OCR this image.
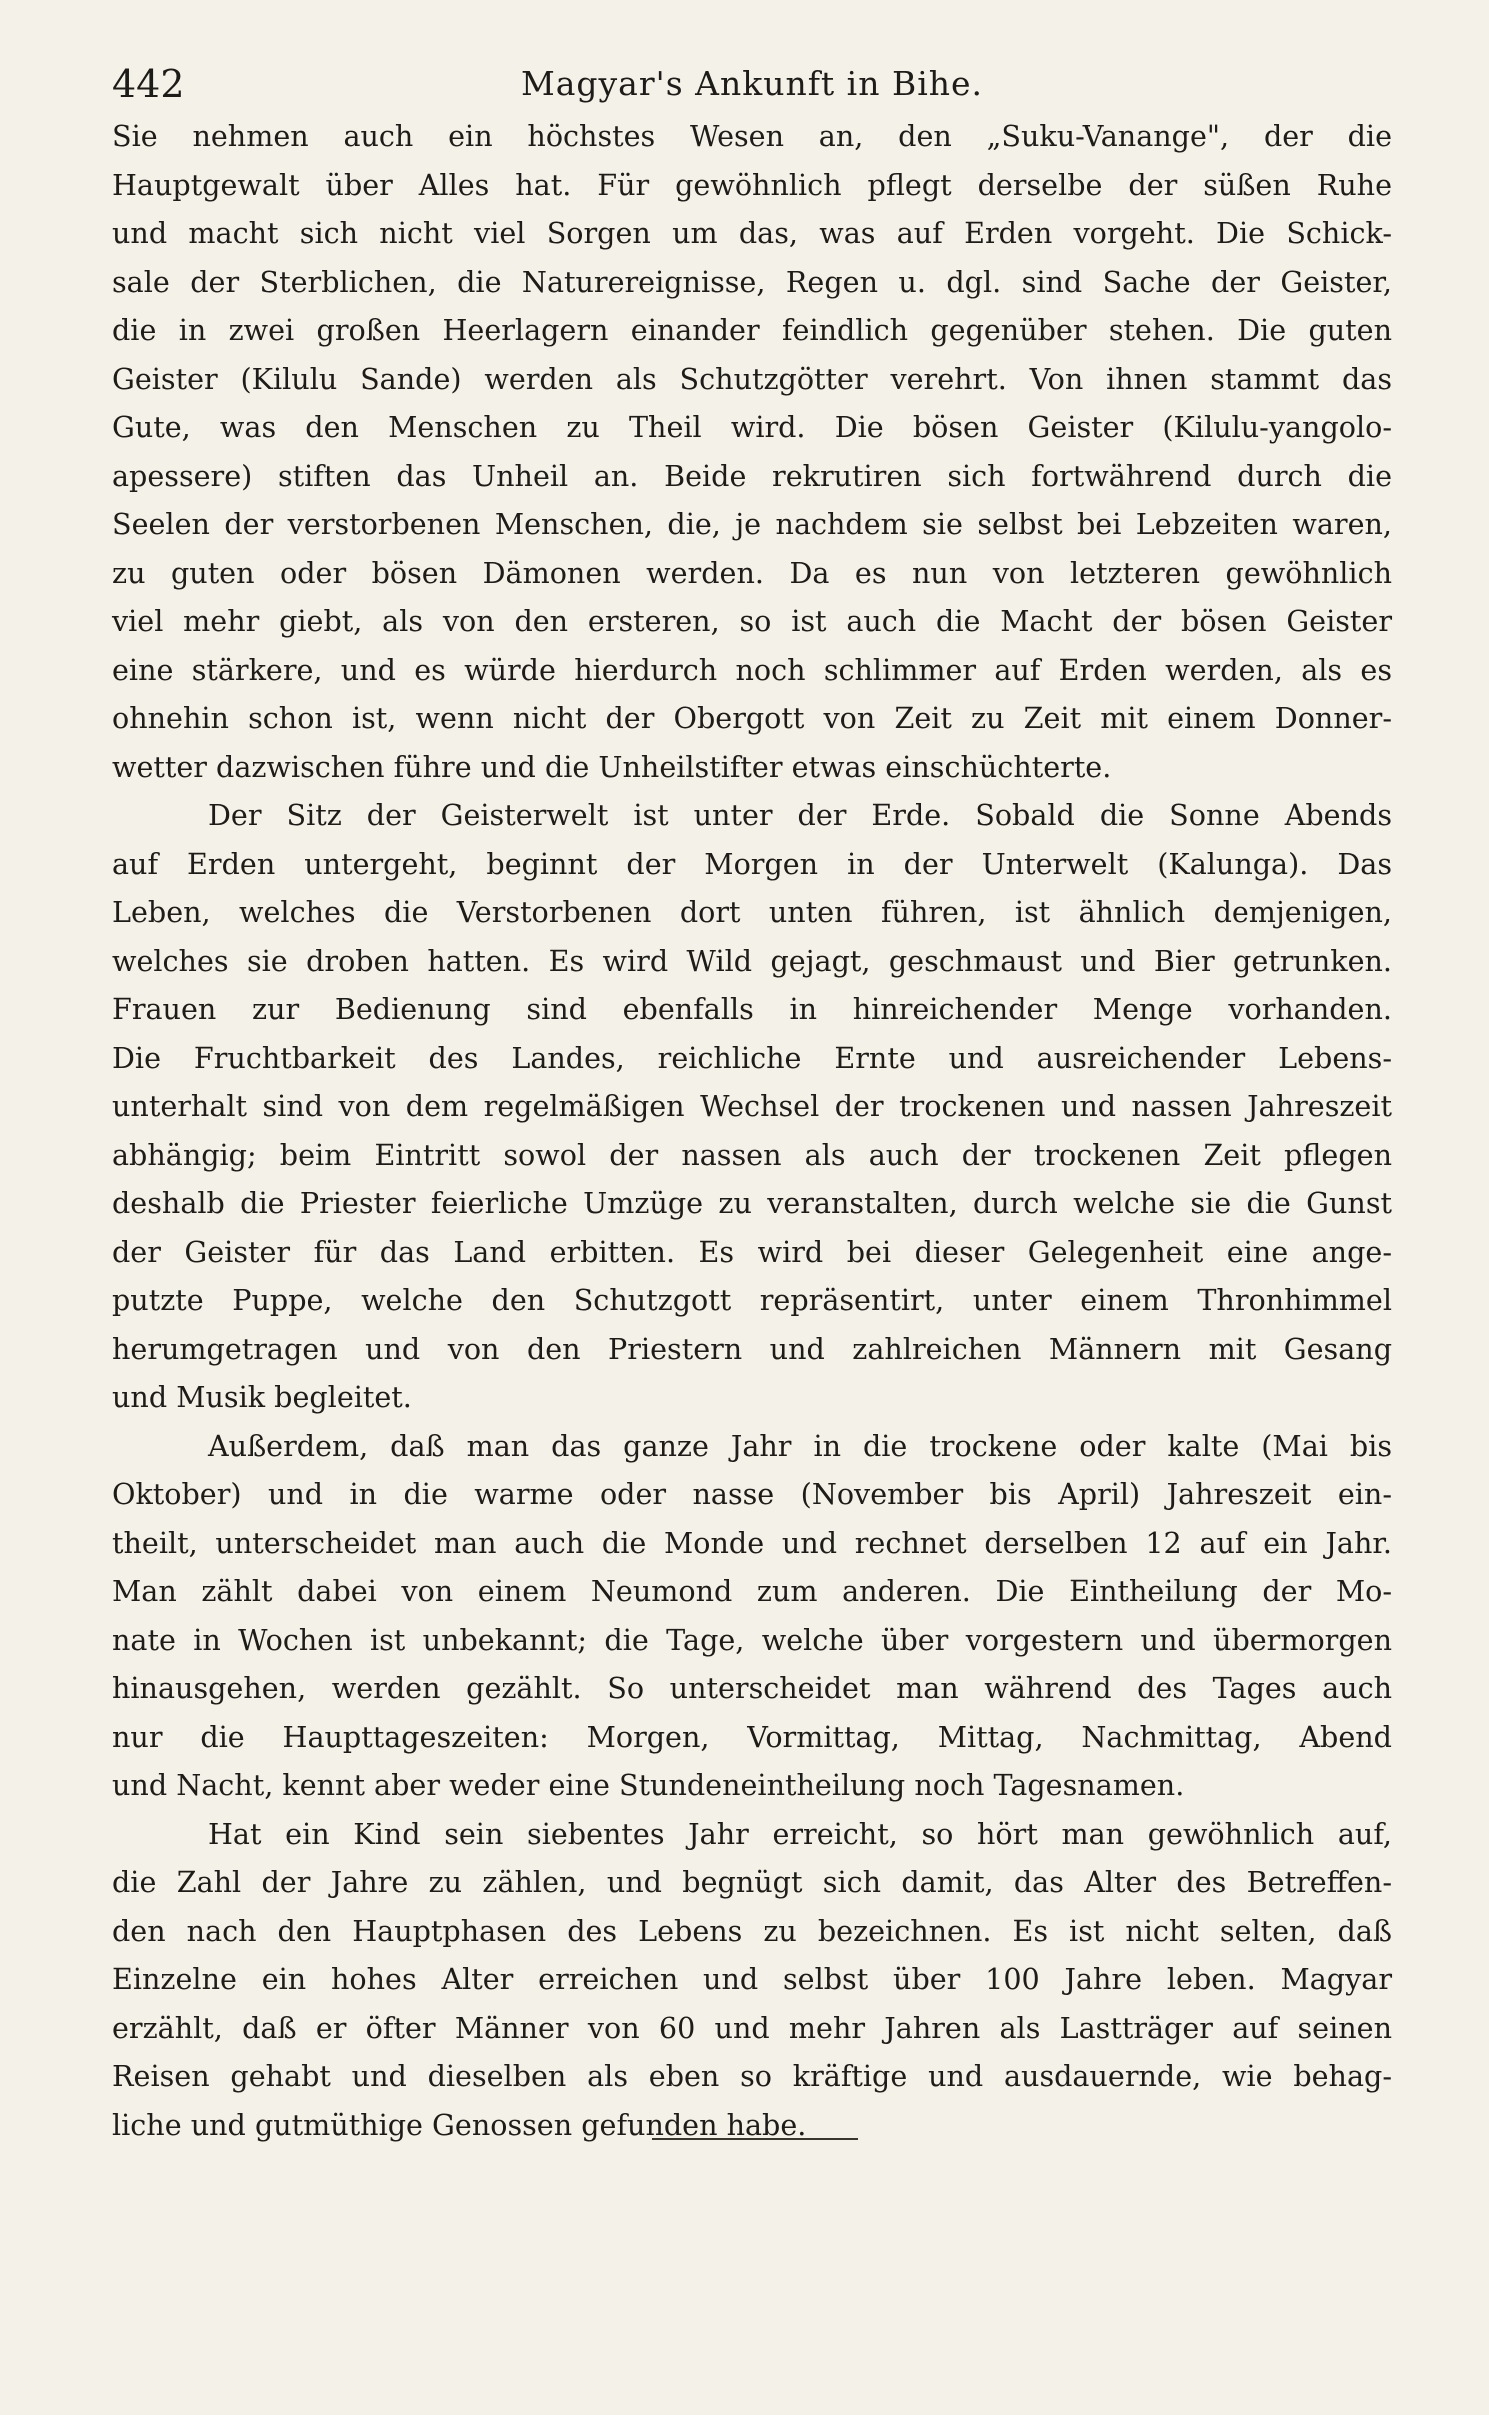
442	Magyar's Ankunft in Bihe.
Sie nehmen auch ein höchstes Wesen an, den „Suku-Vanange", der die
Hauptgewalt über Alles hat. Für gewöhnlich pflegt derselbe der süßen Ruhe
und macht sich nicht viel Sorgen um das, was auf Erden vorgeht. Die Schick-
sale der Sterblichen, die Naturereignisse, Regen u. dgl. sind Sache der Geister,
die in zwei großen Heerlagern einander feindlich gegenüber stehen. Die guten
Geister (Kilulu Sande) werden als Schutzgötter verehrt. Von ihnen stammt das
Gute, was den Menschen zu Theil wird. Die bösen Geister (Kilulu-yangolo-
apessere) stiften das Unheil an. Beide rekrutiren sich fortwährend durch die
Seelen der verstorbenen Menschen, die, je nachdem sie selbst bei Lebzeiten waren,
zu guten oder bösen Dämonen werden. Da es nun von letzteren gewöhnlich
viel mehr giebt, als von den ersteren, so ist auch die Macht der bösen Geister
eine stärkere, und es würde hierdurch noch schlimmer auf Erden werden, als es
ohnehin schon ist, wenn nicht der Obergott von Zeit zu Zeit mit einem Donner-
wetter dazwischen führe und die Unheilstifter etwas einschüchterte.
Der Sitz der Geisterwelt ist unter der Erde. Sobald die Sonne Abends
auf Erden untergeht, beginnt der Morgen in der Unterwelt (Kalunga). Das
Leben, welches die Verstorbenen dort unten führen, ist ähnlich demjenigen,
welches sie droben hatten. Es wird Wild gejagt, geschmaust und Bier getrunken.
Frauen zur Bedienung sind ebenfalls in hinreichender Menge vorhanden.
Die Fruchtbarkeit des Landes, reichliche Ernte und ausreichender Lebens-
unterhalt sind von dem regelmäßigen Wechsel der trockenen und nassen Jahreszeit
abhängig; beim Eintritt sowol der nassen als auch der trockenen Zeit pflegen
deshalb die Priester feierliche Umzüge zu veranstalten, durch welche sie die Gunst
der Geister für das Land erbitten. Es wird bei dieser Gelegenheit eine ange-
putzte Puppe, welche den Schutzgott repräsentirt, unter einem Thronhimmel
herumgetragen und von den Priestern und zahlreichen Männern mit Gesang
und Musik begleitet.
Außerdem, daß man das ganze Jahr in die trockene oder kalte (Mai bis
Oktober) und in die warme oder nasse (November bis April) Jahreszeit ein-
theilt, unterscheidet man auch die Monde und rechnet derselben 12 auf ein Jahr.
Man zählt dabei von einem Neumond zum anderen. Die Eintheilung der Mo-
nate in Wochen ist unbekannt; die Tage, welche über vorgestern und übermorgen
hinausgehen, werden gezählt. So unterscheidet man während des Tages auch
nur die Haupttageszeiten: Morgen, Vormittag, Mittag, Nachmittag, Abend
und Nacht, kennt aber weder eine Stundeneintheilung noch Tagesnamen.
Hat ein Kind sein siebentes Jahr erreicht, so hört man gewöhnlich auf,
die Zahl der Jahre zu zählen, und begnügt sich damit, das Alter des Betreffen-
den nach den Hauptphasen des Lebens zu bezeichnen. Es ist nicht selten, daß
Einzelne ein hohes Alter erreichen und selbst über 100 Jahre leben. Magyar
erzählt, daß er öfter Männer von 60 und mehr Jahren als Lastträger auf seinen
Reisen gehabt und dieselben als eben so kräftige und ausdauernde, wie behag-
liche und gutmüthige Genossen gefunden habe.
